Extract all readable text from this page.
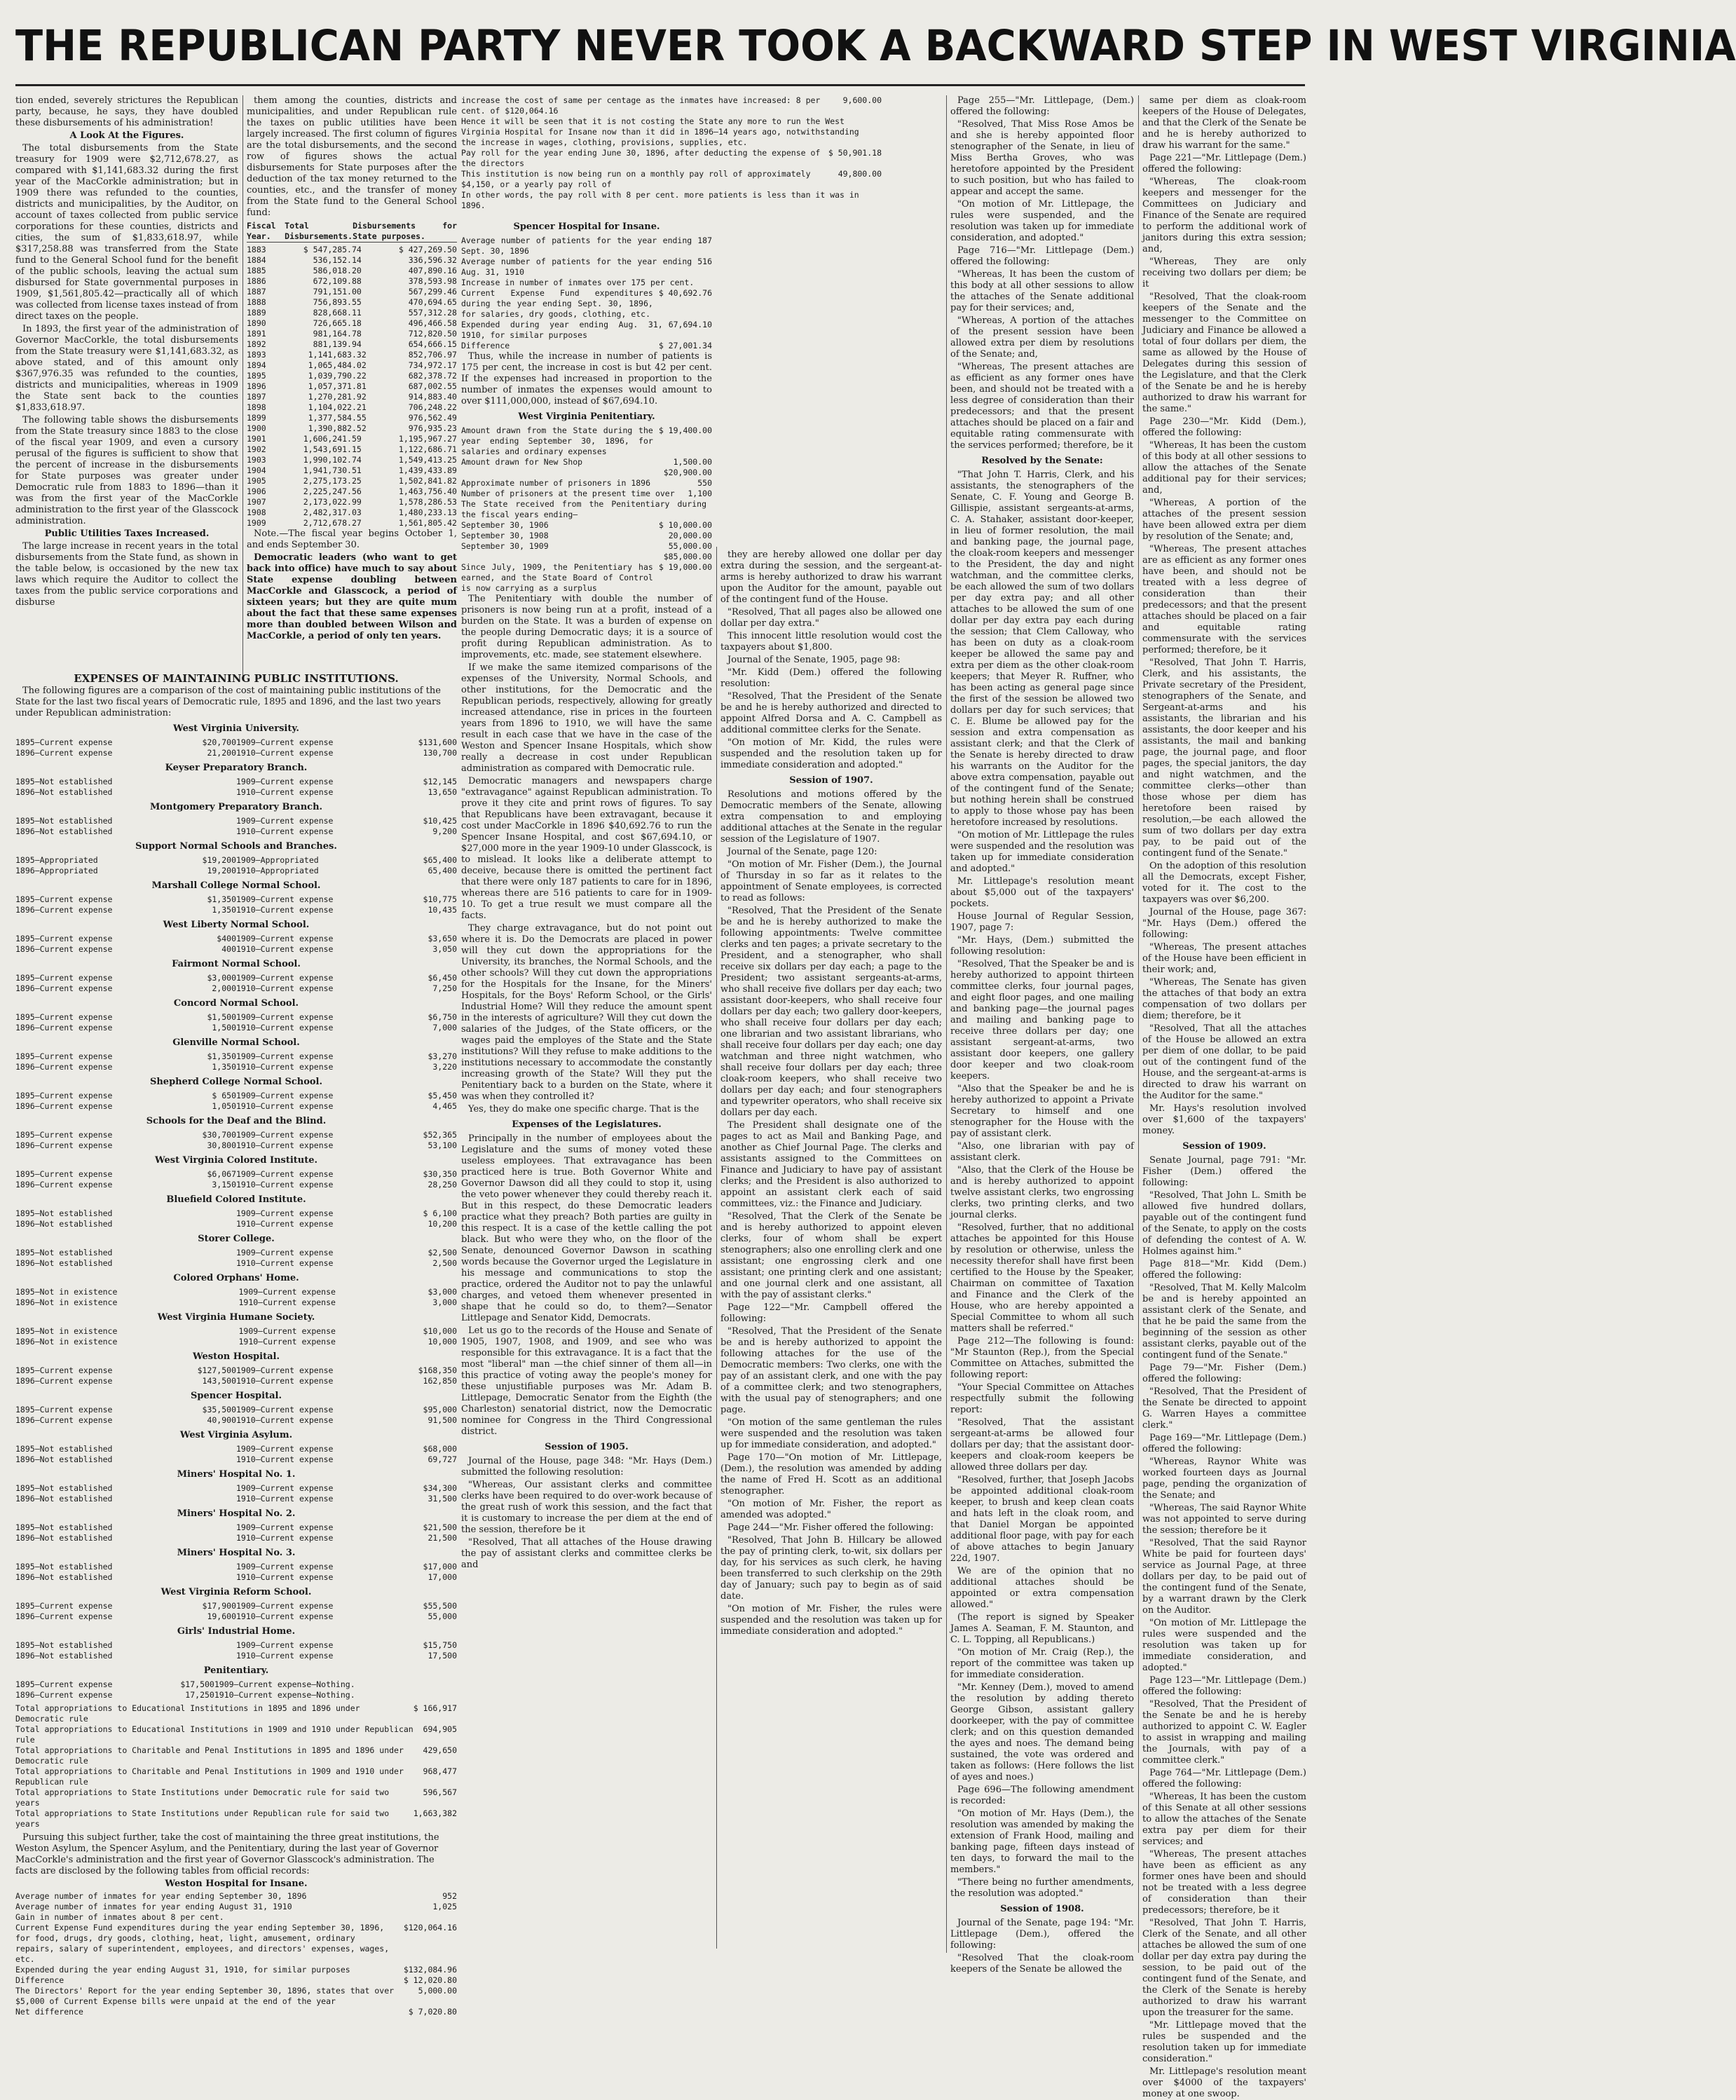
THE REPUBLICAN PARTY NEVER TOOK A BACKWARD STEP IN WEST VIRGINIA

tion ended, severely strictures the Republican party, because, he says, they have doubled these disbursements of his administration!

A Look At the Figures.

The total disbursements from the State treasury for 1909 were $2,712,678.27, as compared with $1,141,683.32 during the first year of the MacCorkle administration; but in 1909 there was refunded to the counties, districts and municipalities, by the Auditor, on account of taxes collected from public service corporations for these counties, districts and cities, the sum of $1,833,618.97, while $317,258.88 was transferred from the State fund to the General School fund for the benefit of the public schools, leaving the actual sum disbursed for State governmental purposes in 1909, $1,561,805.42—practically all of which was collected from license taxes instead of from direct taxes on the people.

In 1893, the first year of the administration of Governor MacCorkle, the total disbursements from the State treasury were $1,141,683.32, as above stated, and of this amount only $367,976.35 was refunded to the counties, districts and municipalities, whereas in 1909 the State sent back to the counties $1,833,618.97.

The following table shows the disbursements from the State treasury since 1883 to the close of the fiscal year 1909, and even a cursory perusal of the figures is sufficient to show that the percent of increase in the disbursements for State purposes was greater under Democratic rule from 1883 to 1896—than it was from the first year of the MacCorkle administration to the first year of the Glasscock administration.

Public Utilities Taxes Increased.

The large increase in recent years in the total disbursements from the State fund, as shown in the table below, is occasioned by the new tax laws which require the Auditor to collect the taxes from the public service corporations and disburse

them among the counties, districts and municipalities, and under Republican rule the taxes on public utilities have been largely increased. The first column of figures are the total disbursements, and the second row of figures shows the actual disbursements for State purposes after the deduction of the tax money returned to the counties, etc., and the transfer of money from the State fund to the General School fund:

Fiscal Year.
Total Disbursements.
Disbursements for State purposes.
1883	$ 547,285.74	$ 427,269.50
1884	536,152.14	336,596.32
1885	586,018.20	407,890.16
1886	672,109.88	378,593.98
1887	791,151.00	567,299.46
1888	756,893.55	470,694.65
1889	828,668.11	557,312.28
1890	726,665.18	496,466.58
1891	981,164.78	712,820.50
1892	881,139.94	654,666.15
1893	1,141,683.32	852,706.97
1894	1,065,484.02	734,972.17
1895	1,039,790.22	682,378.72
1896	1,057,371.81	687,002.55
1897	1,270,281.92	914,883.40
1898	1,104,022.21	706,248.22
1899	1,377,584.55	976,562.49
1900	1,390,882.52	976,935.23
1901	1,606,241.59	1,195,967.27
1902	1,543,691.15	1,122,686.71
1903	1,990,102.74	1,549,413.25
1904	1,941,730.51	1,439,433.89
1905	2,275,173.25	1,502,841.82
1906	2,225,247.56	1,463,756.40
1907	2,173,022.99	1,578,286.53
1908	2,482,317.03	1,480,233.13
1909	2,712,678.27	1,561,805.42

Note.—The fiscal year begins October 1, and ends September 30.

Democratic leaders (who want to get back into office) have much to say about State expense doubling between MacCorkle and Glasscock, a period of sixteen years; but they are quite mum about the fact that these same expenses more than doubled between Wilson and MacCorkle, a period of only ten years.

EXPENSES OF MAINTAINING PUBLIC INSTITUTIONS.

The following figures are a comparison of the cost of maintaining public institutions of the State for the last two fiscal years of Democratic rule, 1895 and 1896, and the last two years under Republican administration:

West Virginia University.
1895—Current expense	$20,700 1909—Current expense	$131,600
1896—Current expense	21,200 1910—Current expense	130,700
Keyser Preparatory Branch.
1895—Not established	1909—Current expense	$12,145
1896—Not established	1910—Current expense	13,650
Montgomery Preparatory Branch.
1895—Not established	1909—Current expense	$10,425
1896—Not established	1910—Current expense	9,200
Support Normal Schools and Branches.
1895—Appropriated	$19,200 1909—Appropriated	$65,400
1896—Appropriated	19,200 1910—Appropriated	65,400
Marshall College Normal School.
1895—Current expense	$1,350 1909—Current expense	$10,775
1896—Current expense	1,350 1910—Current expense	10,435
West Liberty Normal School.
1895—Current expense	$400 1909—Current expense	$3,650
1896—Current expense	400 1910—Current expense	3,050
Fairmont Normal School.
1895—Current expense	$3,000 1909—Current expense	$6,450
1896—Current expense	2,000 1910—Current expense	7,250
Concord Normal School.
1895—Current expense	$1,500 1909—Current expense	$6,750
1896—Current expense	1,500 1910—Current expense	7,000
Glenville Normal School.
1895—Current expense	$1,350 1909—Current expense	$3,270
1896—Current expense	1,350 1910—Current expense	3,220
Shepherd College Normal School.
1895—Current expense	$ 650 1909—Current expense	$5,450
1896—Current expense	1,050 1910—Current expense	4,465
Schools for the Deaf and the Blind.
1895—Current expense	$30,700 1909—Current expense	$52,365
1896—Current expense	30,800 1910—Current expense	53,100
West Virginia Colored Institute.
1895—Current expense	$6,067 1909—Current expense	$30,350
1896—Current expense	3,150 1910—Current expense	28,250
Bluefield Colored Institute.
1895—Not established	1909—Current expense	$ 6,100
1896—Not established	1910—Current expense	10,200
Storer College.
1895—Not established	1909—Current expense	$2,500
1896—Not established	1910—Current expense	2,500
Colored Orphans' Home.
1895—Not in existence	1909—Current expense	$3,000
1896—Not in existence	1910—Current expense	3,000
West Virginia Humane Society.
1895—Not in existence	1909—Current expense	$10,000
1896—Not in existence	1910—Current expense	10,000
Weston Hospital.
1895—Current expense	$127,500 1909—Current expense	$168,350
1896—Current expense	143,500 1910—Current expense	162,850
Spencer Hospital.
1895—Current expense	$35,500 1909—Current expense	$95,000
1896—Current expense	40,900 1910—Current expense	91,500
West Virginia Asylum.
1895—Not established	1909—Current expense	$68,000
1896—Not established	1910—Current expense	69,727
Miners' Hospital No. 1.
1895—Not established	1909—Current expense	$34,300
1896—Not established	1910—Current expense	31,500
Miners' Hospital No. 2.
1895—Not established	1909—Current expense	$21,500
1896—Not established	1910—Current expense	21,500
Miners' Hospital No. 3.
1895—Not established	1909—Current expense	$17,000
1896—Not established	1910—Current expense	17,000
West Virginia Reform School.
1895—Current expense	$17,900 1909—Current expense	$55,500
1896—Current expense	19,600 1910—Current expense	55,000
Girls' Industrial Home.
1895—Not established	1909—Current expense	$15,750
1896—Not established	1910—Current expense	17,500
Penitentiary.
1895—Current expense	$17,500 1909—Current expense—Nothing.
1896—Current expense	17,250 1910—Current expense—Nothing.
Total appropriations to Educational Institutions in 1895 and 1896 under Democratic rule
$ 166,917
Total appropriations to Educational Institutions in 1909 and 1910 under Republican rule
694,905
Total appropriations to Charitable and Penal Institutions in 1895 and 1896 under Democratic rule
429,650
Total appropriations to Charitable and Penal Institutions in 1909 and 1910 under Republican rule
968,477
Total appropriations to State Institutions under Democratic rule for said two years
596,567
Total appropriations to State Institutions under Republican rule for said two years
1,663,382

Pursuing this subject further, take the cost of maintaining the three great institutions, the Weston Asylum, the Spencer Asylum, and the Penitentiary, during the last year of Governor MacCorkle's administration and the first year of Governor Glasscock's administration. The facts are disclosed by the following tables from official records:

Weston Hospital for Insane.

Average number of inmates for year ending September 30, 1896	952
Average number of inmates for year ending August 31, 1910	1,025
Gain in number of inmates about 8 per cent.
Current Expense Fund expenditures during the year ending September 30, 1896, for food, drugs, dry goods, clothing, heat, light, amusement, ordinary repairs, salary of superintendent, employees, and directors' expenses, wages, etc.
$120,064.16
Expended during the year ending August 31, 1910, for similar purposes	$132,084.96
Difference	$ 12,020.80
The Directors' Report for the year ending September 30, 1896, states that over $5,000 of Current Expense bills were unpaid at the end of the year
5,000.00
Net difference	$ 7,020.80
Spencer Hospital for Insane.
Average number of patients for the year ending Sept. 30, 1896
187
Average number of patients for the year ending Aug. 31, 1910
516
Increase in number of inmates over 175 per cent.
Current Expense Fund expenditures during the year ending Sept. 30, 1896, for salaries, dry goods, clothing, etc.
$ 40,692.76
Expended during year ending Aug. 31, 1910, for similar purposes
67,694.10
Difference	$ 27,001.34

Thus, while the increase in number of patients is 175 per cent, the increase in cost is but 42 per cent. If the expenses had increased in proportion to the number of inmates the expenses would amount to over $111,000,000, instead of $67,694.10.

West Virginia Penitentiary.
Amount drawn from the State during the year ending September 30, 1896, for salaries and ordinary expenses
$ 19,400.00
Amount drawn for New Shop	1,500.00
$20,900.00
Approximate number of prisoners in 1896	550
Number of prisoners at the present time over	1,100
The State received from the Penitentiary during the fiscal years ending—
September 30, 1906	$ 10,000.00
September 30, 1908	20,000.00
September 30, 1909	55,000.00
$85,000.00
Since July, 1909, the Penitentiary has earned, and the State Board of Control is now carrying as a surplus
$ 19,000.00

The Penitentiary with double the number of prisoners is now being run at a profit, instead of a burden on the State. It was a burden of expense on the people during Democratic days; it is a source of profit during Republican administration. As to improvements, etc. made, see statement elsewhere.

If we make the same itemized comparisons of the expenses of the University, Normal Schools, and other institutions, for the Democratic and the Republican periods, respectively, allowing for greatly increased attendance, rise in prices in the fourteen years from 1896 to 1910, we will have the same result in each case that we have in the case of the Weston and Spencer Insane Hospitals, which show really a decrease in cost under Republican administration as compared with Democratic rule.

Democratic managers and newspapers charge "extravagance" against Republican administration. To prove it they cite and print rows of figures. To say that Republicans have been extravagant, because it cost under MacCorkle in 1896 $40,692.76 to run the Spencer Insane Hospital, and cost $67,694.10, or $27,000 more in the year 1909-10 under Glasscock, is to mislead. It looks like a deliberate attempt to deceive, because there is omitted the pertinent fact that there were only 187 patients to care for in 1896, whereas there are 516 patients to care for in 1909-10. To get a true result we must compare all the facts.

They charge extravagance, but do not point out where it is. Do the Democrats are placed in power will they cut down the appropriations for the University, its branches, the Normal Schools, and the other schools? Will they cut down the appropriations for the Hospitals for the Insane, for the Miners' Hospitals, for the Boys' Reform School, or the Girls' Industrial Home? Will they reduce the amount spent in the interests of agriculture? Will they cut down the salaries of the Judges, of the State officers, or the wages paid the employes of the State and the State institutions? Will they refuse to make additions to the institutions necessary to accommodate the constantly increasing growth of the State? Will they put the Penitentiary back to a burden on the State, where it was when they controlled it?

Yes, they do make one specific charge. That is the

Expenses of the Legislatures.

Principally in the number of employees about the Legislature and the sums of money voted these useless employees. That extravagance has been practiced here is true. Both Governor White and Governor Dawson did all they could to stop it, using the veto power whenever they could thereby reach it. But in this respect, do these Democratic leaders practice what they preach? Both parties are guilty in this respect. It is a case of the kettle calling the pot black. But who were they who, on the floor of the Senate, denounced Governor Dawson in scathing words because the Governor urged the Legislature in his message and communications to stop the practice, ordered the Auditor not to pay the unlawful charges, and vetoed them whenever presented in shape that he could so do, to them?—Senator Littlepage and Senator Kidd, Democrats.

Let us go to the records of the House and Senate of 1905, 1907, 1908, and 1909, and see who was responsible for this extravagance. It is a fact that the most "liberal" man —the chief sinner of them all—in this practice of voting away the people's money for these unjustifiable purposes was Mr. Adam B. Littlepage, Democratic Senator from the Eighth (the Charleston) senatorial district, now the Democratic nominee for Congress in the Third Congressional district.

Session of 1905.

Journal of the House, page 348: "Mr. Hays (Dem.) submitted the following resolution:

"Whereas, Our assistant clerks and committee clerks have been required to do over-work because of the great rush of work this session, and the fact that it is customary to increase the per diem at the end of the session, therefore be it

"Resolved, That all attaches of the House drawing the pay of assistant clerks and committee clerks be and

increase the cost of same per centage as the inmates have increased: 8 per cent. of $120,064.16
9,600.00
Hence it will be seen that it is not costing the State any more to run the West Virginia Hospital for Insane now than it did in 1896—14 years ago, notwithstanding the increase in wages, clothing, provisions, supplies, etc.
Pay roll for the year ending June 30, 1896, after deducting the expense of the directors
$ 50,901.18
This institution is now being run on a monthly pay roll of approximately $4,150, or a yearly pay roll of
49,800.00
In other words, the pay roll with 8 per cent. more patients is less than it was in 1896.

they are hereby allowed one dollar per day extra during the session, and the sergeant-at-arms is hereby authorized to draw his warrant upon the Auditor for the amount, payable out of the contingent fund of the House.

"Resolved, That all pages also be allowed one dollar per day extra."

This innocent little resolution would cost the taxpayers about $1,800.

Journal of the Senate, 1905, page 98:

"Mr. Kidd (Dem.) offered the following resolution:

"Resolved, That the President of the Senate be and he is hereby authorized and directed to appoint Alfred Dorsa and A. C. Campbell as additional committee clerks for the Senate.

"On motion of Mr. Kidd, the rules were suspended and the resolution taken up for immediate consideration and adopted."

Session of 1907.

Resolutions and motions offered by the Democratic members of the Senate, allowing extra compensation to and employing additional attaches at the Senate in the regular session of the Legislature of 1907.

Journal of the Senate, page 120:

"On motion of Mr. Fisher (Dem.), the Journal of Thursday in so far as it relates to the appointment of Senate employees, is corrected to read as follows:

"Resolved, That the President of the Senate be and he is hereby authorized to make the following appointments: Twelve committee clerks and ten pages; a private secretary to the President, and a stenographer, who shall receive six dollars per day each; a page to the President; two assistant sergeants-at-arms, who shall receive five dollars per day each; two assistant door-keepers, who shall receive four dollars per day each; two gallery door-keepers, who shall receive four dollars per day each; one librarian and two assistant librarians, who shall receive four dollars per day each; one day watchman and three night watchmen, who shall receive four dollars per day each; three cloak-room keepers, who shall receive two dollars per day each; and four stenographers and typewriter operators, who shall receive six dollars per day each.

The President shall designate one of the pages to act as Mail and Banking Page, and another as Chief Journal Page. The clerks and assistants assigned to the Committees on Finance and Judiciary to have pay of assistant clerks; and the President is also authorized to appoint an assistant clerk each of said committees, viz.: the Finance and Judiciary.

"Resolved, That the Clerk of the Senate be and is hereby authorized to appoint eleven clerks, four of whom shall be expert stenographers; also one enrolling clerk and one assistant; one engrossing clerk and one assistant; one printing clerk and one assistant; and one journal clerk and one assistant, all with the pay of assistant clerks."

Page 122—"Mr. Campbell offered the following:

"Resolved, That the President of the Senate be and is hereby authorized to appoint the following attaches for the use of the Democratic members: Two clerks, one with the pay of an assistant clerk, and one with the pay of a committee clerk; and two stenographers, with the usual pay of stenographers; and one page.

"On motion of the same gentleman the rules were suspended and the resolution was taken up for immediate consideration, and adopted."

Page 170—"On motion of Mr. Littlepage, (Dem.), the resolution was amended by adding the name of Fred H. Scott as an additional stenographer.

"On motion of Mr. Fisher, the report as amended was adopted."

Page 244—"Mr. Fisher offered the following:

"Resolved, That John B. Hillcary be allowed the pay of printing clerk, to-wit, six dollars per day, for his services as such clerk, he having been transferred to such clerkship on the 29th day of January; such pay to begin as of said date.

"On motion of Mr. Fisher, the rules were suspended and the resolution was taken up for immediate consideration and adopted."

Page 255—"Mr. Littlepage, (Dem.) offered the following:

"Resolved, That Miss Rose Amos be and she is hereby appointed floor stenographer of the Senate, in lieu of Miss Bertha Groves, who was heretofore appointed by the President to such position, but who has failed to appear and accept the same.

"On motion of Mr. Littlepage, the rules were suspended, and the resolution was taken up for immediate consideration, and adopted."

Page 716—"Mr. Littlepage (Dem.) offered the following:

"Whereas, It has been the custom of this body at all other sessions to allow the attaches of the Senate additional pay for their services; and,

"Whereas, A portion of the attaches of the present session have been allowed extra per diem by resolutions of the Senate; and,

"Whereas, The present attaches are as efficient as any former ones have been, and should not be treated with a less degree of consideration than their predecessors; and that the present attaches should be placed on a fair and equitable rating commensurate with the services performed; therefore, be it

Resolved by the Senate:

"That John T. Harris, Clerk, and his assistants, the stenographers of the Senate, C. F. Young and George B. Gillispie, assistant sergeants-at-arms, C. A. Stahaker, assistant door-keeper, in lieu of former resolution, the mail and banking page, the journal page, the cloak-room keepers and messenger to the President, the day and night watchman, and the committee clerks, be each allowed the sum of two dollars per day extra pay; and all other attaches to be allowed the sum of one dollar per day extra pay each during the session; that Clem Calloway, who has been on duty as a cloak-room keeper be allowed the same pay and extra per diem as the other cloak-room keepers; that Meyer R. Ruffner, who has been acting as general page since the first of the session be allowed two dollars per day for such services; that C. E. Blume be allowed pay for the session and extra compensation as assistant clerk; and that the Clerk of the Senate is hereby directed to draw his warrants on the Auditor for the above extra compensation, payable out of the contingent fund of the Senate; but nothing herein shall be construed to apply to those whose pay has been heretofore increased by resolutions.

"On motion of Mr. Littlepage the rules were suspended and the resolution was taken up for immediate consideration and adopted."

Mr. Littlepage's resolution meant about $5,000 out of the taxpayers' pockets.

House Journal of Regular Session, 1907, page 7:

"Mr. Hays, (Dem.) submitted the following resolution:

"Resolved, That the Speaker be and is hereby authorized to appoint thirteen committee clerks, four journal pages, and eight floor pages, and one mailing and banking page—the journal pages and mailing and banking page to receive three dollars per day; one assistant sergeant-at-arms, two assistant door keepers, one gallery door keeper and two cloak-room keepers.

"Also that the Speaker be and he is hereby authorized to appoint a Private Secretary to himself and one stenographer for the House with the pay of assistant clerk.

"Also, one librarian with pay of assistant clerk.

"Also, that the Clerk of the House be and is hereby authorized to appoint twelve assistant clerks, two engrossing clerks, two printing clerks, and two journal clerks.

"Resolved, further, that no additional attaches be appointed for this House by resolution or otherwise, unless the necessity therefor shall have first been certified to the House by the Speaker, Chairman on committee of Taxation and Finance and the Clerk of the House, who are hereby appointed a Special Committee to whom all such matters shall be referred."

Page 212—The following is found: "Mr Staunton (Rep.), from the Special Committee on Attaches, submitted the following report:

"Your Special Committee on Attaches respectfully submit the following report:

"Resolved, That the assistant sergeant-at-arms be allowed four dollars per day; that the assistant door-keepers and cloak-room keepers be allowed three dollars per day.

"Resolved, further, that Joseph Jacobs be appointed additional cloak-room keeper, to brush and keep clean coats and hats left in the cloak room, and that Daniel Morgan be appointed additional floor page, with pay for each of above attaches to begin January 22d, 1907.

We are of the opinion that no additional attaches should be appointed or extra compensation allowed."

(The report is signed by Speaker James A. Seaman, F. M. Staunton, and C. L. Topping, all Republicans.)

"On motion of Mr. Craig (Rep.), the report of the committee was taken up for immediate consideration.

"Mr. Kenney (Dem.), moved to amend the resolution by adding thereto George Gibson, assistant gallery doorkeeper, with the pay of committee clerk; and on this question demanded the ayes and noes. The demand being sustained, the vote was ordered and taken as follows: (Here follows the list of ayes and noes.)

Page 696—The following amendment is recorded:

"On motion of Mr. Hays (Dem.), the resolution was amended by making the extension of Frank Hood, mailing and banking page, fifteen days instead of ten days, to forward the mail to the members."

"There being no further amendments, the resolution was adopted."

Session of 1908.

Journal of the Senate, page 194: "Mr. Littlepage (Dem.), offered the following:

"Resolved That the cloak-room keepers of the Senate be allowed the

same per diem as cloak-room keepers of the House of Delegates, and that the Clerk of the Senate be and he is hereby authorized to draw his warrant for the same."

Page 221—"Mr. Littlepage (Dem.) offered the following:

"Whereas, The cloak-room keepers and messenger for the Committees on Judiciary and Finance of the Senate are required to perform the additional work of janitors during this extra session; and,

"Whereas, They are only receiving two dollars per diem; be it

"Resolved, That the cloak-room keepers of the Senate and the messenger to the Committee on Judiciary and Finance be allowed a total of four dollars per diem, the same as allowed by the House of Delegates during this session of the Legislature, and that the Clerk of the Senate be and he is hereby authorized to draw his warrant for the same."

Page 230—"Mr. Kidd (Dem.), offered the following:

"Whereas, It has been the custom of this body at all other sessions to allow the attaches of the Senate additional pay for their services; and,

"Whereas, A portion of the attaches of the present session have been allowed extra per diem by resolution of the Senate; and,

"Whereas, The present attaches are as efficient as any former ones have been, and should not be treated with a less degree of consideration than their predecessors; and that the present attaches should be placed on a fair and equitable rating commensurate with the services performed; therefore, be it

"Resolved, That John T. Harris, Clerk, and his assistants, the Private secretary of the President, stenographers of the Senate, and Sergeant-at-arms and his assistants, the librarian and his assistants, the door keeper and his assistants, the mail and banking page, the journal page, and floor pages, the special janitors, the day and night watchmen, and the committee clerks—other than those whose per diem has heretofore been raised by resolution,—be each allowed the sum of two dollars per day extra pay, to be paid out of the contingent fund of the Senate."

On the adoption of this resolution all the Democrats, except Fisher, voted for it. The cost to the taxpayers was over $6,200.

Journal of the House, page 367: "Mr. Hays (Dem.) offered the following:

"Whereas, The present attaches of the House have been efficient in their work; and,

"Whereas, The Senate has given the attaches of that body an extra compensation of two dollars per diem; therefore, be it

"Resolved, That all the attaches of the House be allowed an extra per diem of one dollar, to be paid out of the contingent fund of the House, and the sergeant-at-arms is directed to draw his warrant on the Auditor for the same."

Mr. Hays's resolution involved over $1,600 of the taxpayers' money.

Session of 1909.

Senate Journal, page 791: "Mr. Fisher (Dem.) offered the following:

"Resolved, That John L. Smith be allowed five hundred dollars, payable out of the contingent fund of the Senate, to apply on the costs of defending the contest of A. W. Holmes against him."

Page 818—"Mr. Kidd (Dem.) offered the following:

"Resolved, That M. Kelly Malcolm be and is hereby appointed an assistant clerk of the Senate, and that he be paid the same from the beginning of the session as other assistant clerks, payable out of the contingent fund of the Senate."

Page 79—"Mr. Fisher (Dem.) offered the following:

"Resolved, That the President of the Senate be directed to appoint G. Warren Hayes a committee clerk."

Page 169—"Mr. Littlepage (Dem.) offered the following:

"Whereas, Raynor White was worked fourteen days as Journal page, pending the organization of the Senate; and

"Whereas, The said Raynor White was not appointed to serve during the session; therefore be it

"Resolved, That the said Raynor White be paid for fourteen days' service as Journal Page, at three dollars per day, to be paid out of the contingent fund of the Senate, by a warrant drawn by the Clerk on the Auditor.

"On motion of Mr. Littlepage the rules were suspended and the resolution was taken up for immediate consideration, and adopted."

Page 123—"Mr. Littlepage (Dem.) offered the following:

"Resolved, That the President of the Senate be and he is hereby authorized to appoint C. W. Eagler to assist in wrapping and mailing the Journals, with pay of a committee clerk."

Page 764—"Mr. Littlepage (Dem.) offered the following:

"Whereas, It has been the custom of this Senate at all other sessions to allow the attaches of the Senate extra pay per diem for their services; and

"Whereas, The present attaches have been as efficient as any former ones have been and should not be treated with a less degree of consideration than their predecessors; therefore, be it

"Resolved, That John T. Harris, Clerk of the Senate, and all other attaches be allowed the sum of one dollar per day extra pay during the session, to be paid out of the contingent fund of the Senate, and the Clerk of the Senate is hereby authorized to draw his warrant upon the treasurer for the same.

"Mr. Littlepage moved that the rules be suspended and the resolution taken up for immediate consideration."

Mr. Littlepage's resolution meant over $4000 of the taxpayers' money at one swoop.
